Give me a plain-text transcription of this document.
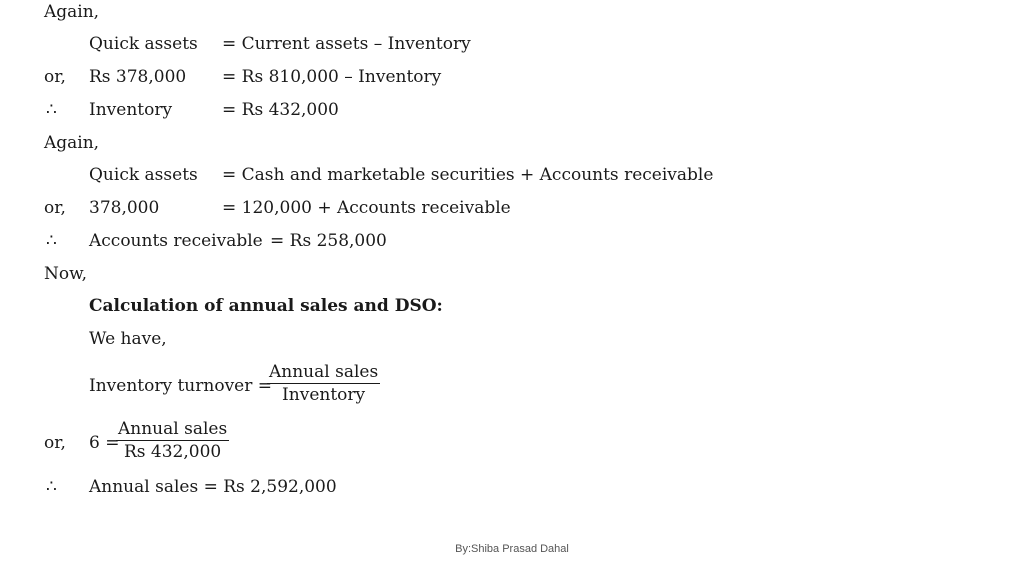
Again,
Quick assets = Current assets – Inventory
or, Rs 378,000 = Rs 810,000 – Inventory
∴ Inventory	= Rs 432,000
Again,
Quick assets = Cash and marketable securities + Accounts receivable
or, 378,000	= 120,000 + Accounts receivable
∴ Accounts receivable = Rs 258,000
Now,
Calculation of annual sales and DSO:
We have,
Inventory turnover =
Annual sales
Inventory
or, 6 =
Annual sales
Rs 432,000
∴ Annual sales = Rs 2,592,000
By:Shiba Prasad Dahal
